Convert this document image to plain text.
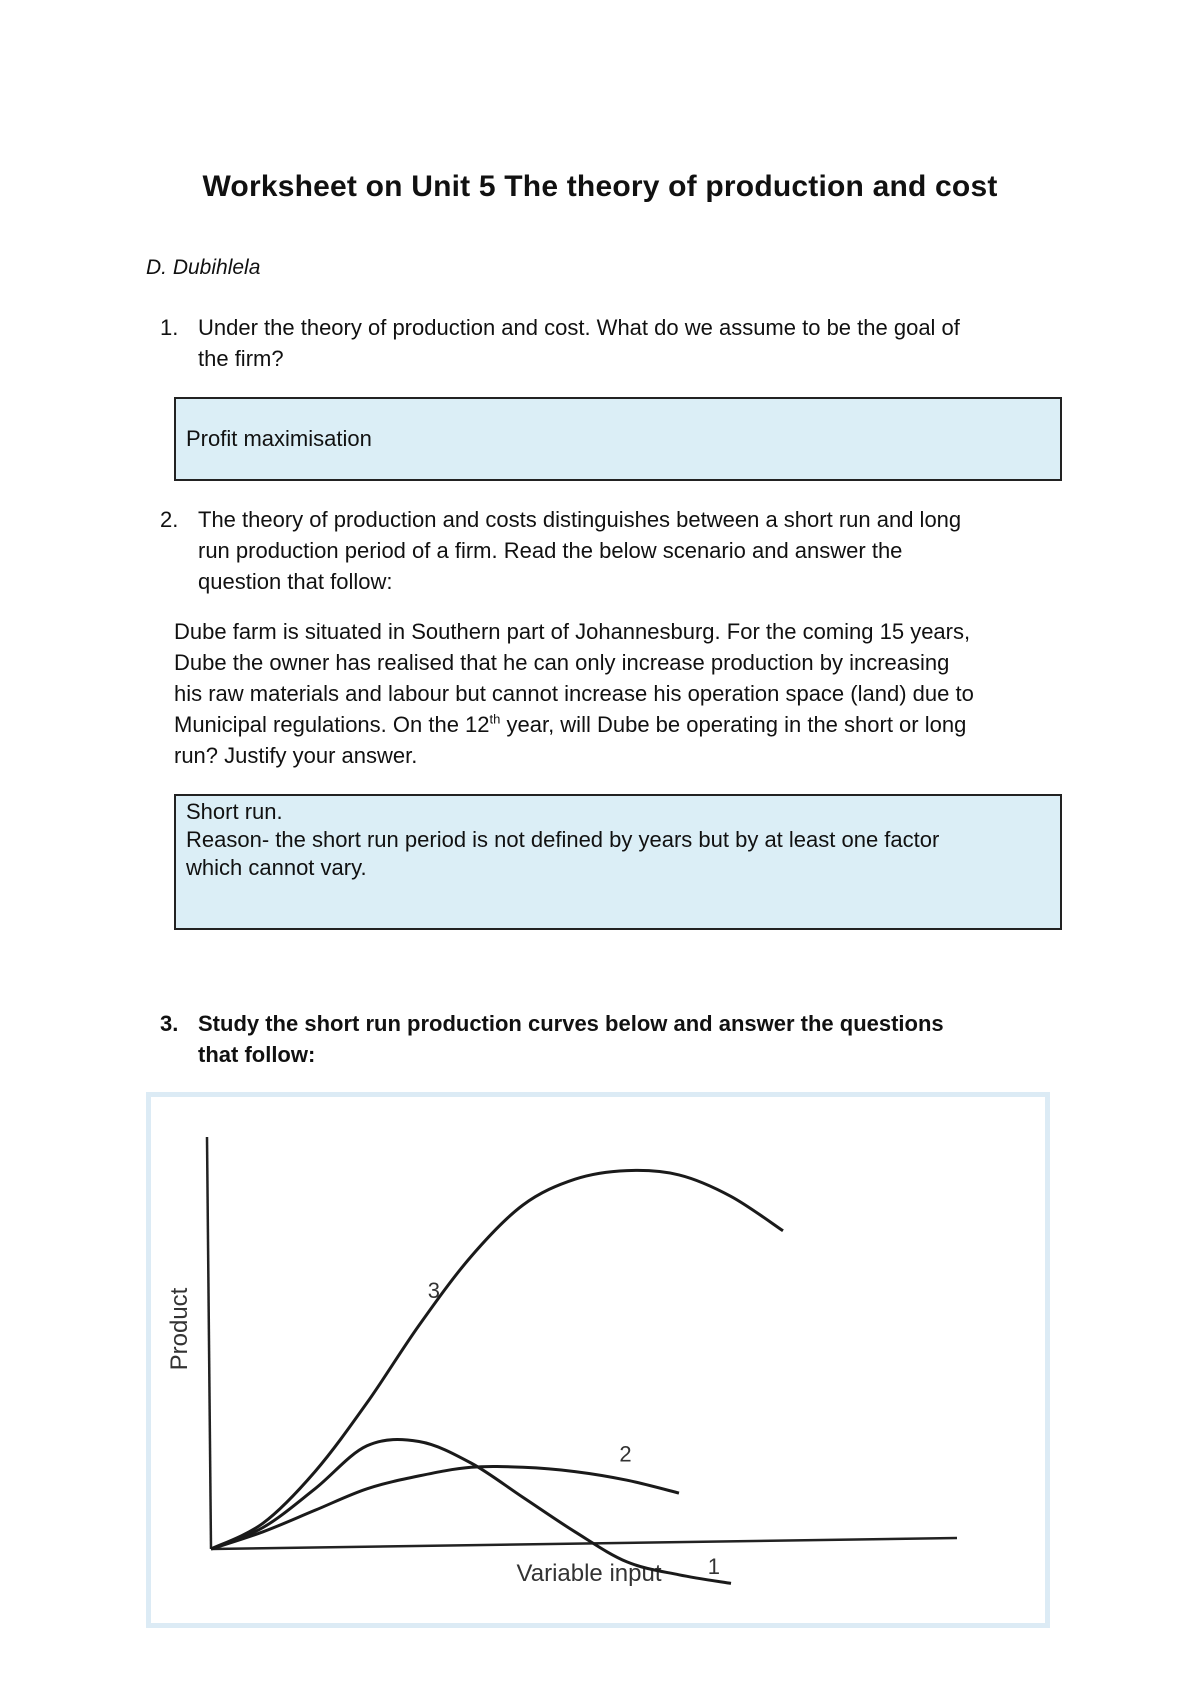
Worksheet on Unit 5 The theory of production and cost
D. Dubihlela
1. Under the theory of production and cost. What do we assume to be the goal of
the firm?
Profit maximisation
2. The theory of production and costs distinguishes between a short run and long
run production period of a firm. Read the below scenario and answer the
question that follow:
Dube farm is situated in Southern part of Johannesburg. For the coming 15 years,
Dube the owner has realised that he can only increase production by increasing
his raw materials and labour but cannot increase his operation space (land) due to
Municipal regulations. On the 12th year, will Dube be operating in the short or long
run? Justify your answer.
Short run.
Reason- the short run period is not defined by years but by at least one factor
which cannot vary.
3. Study the short run production curves below and answer the questions
that follow:
Product
Variable input 1
2
3
